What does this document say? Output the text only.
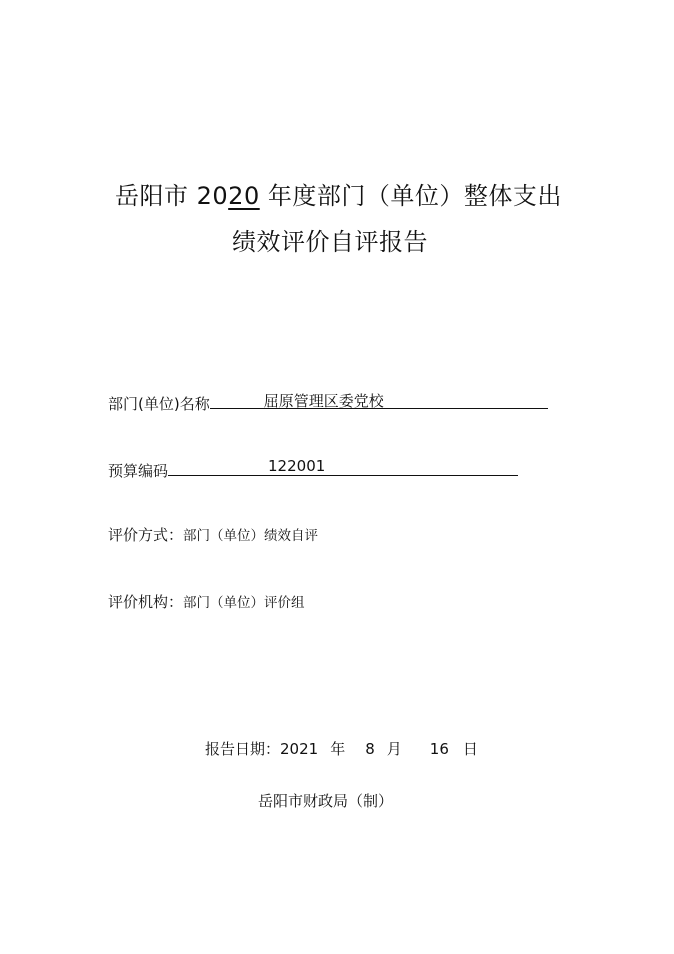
岳阳市 2020 年度部门（单位）整体支出
绩效评价自评报告
部门(单位)名称	屈原管理区委党校
预算编码	122001
评价方式：部门（单位）绩效自评
评价机构：部门（单位）评价组
报告日期：2021 年 8 月 16 日
岳阳市财政局（制）
